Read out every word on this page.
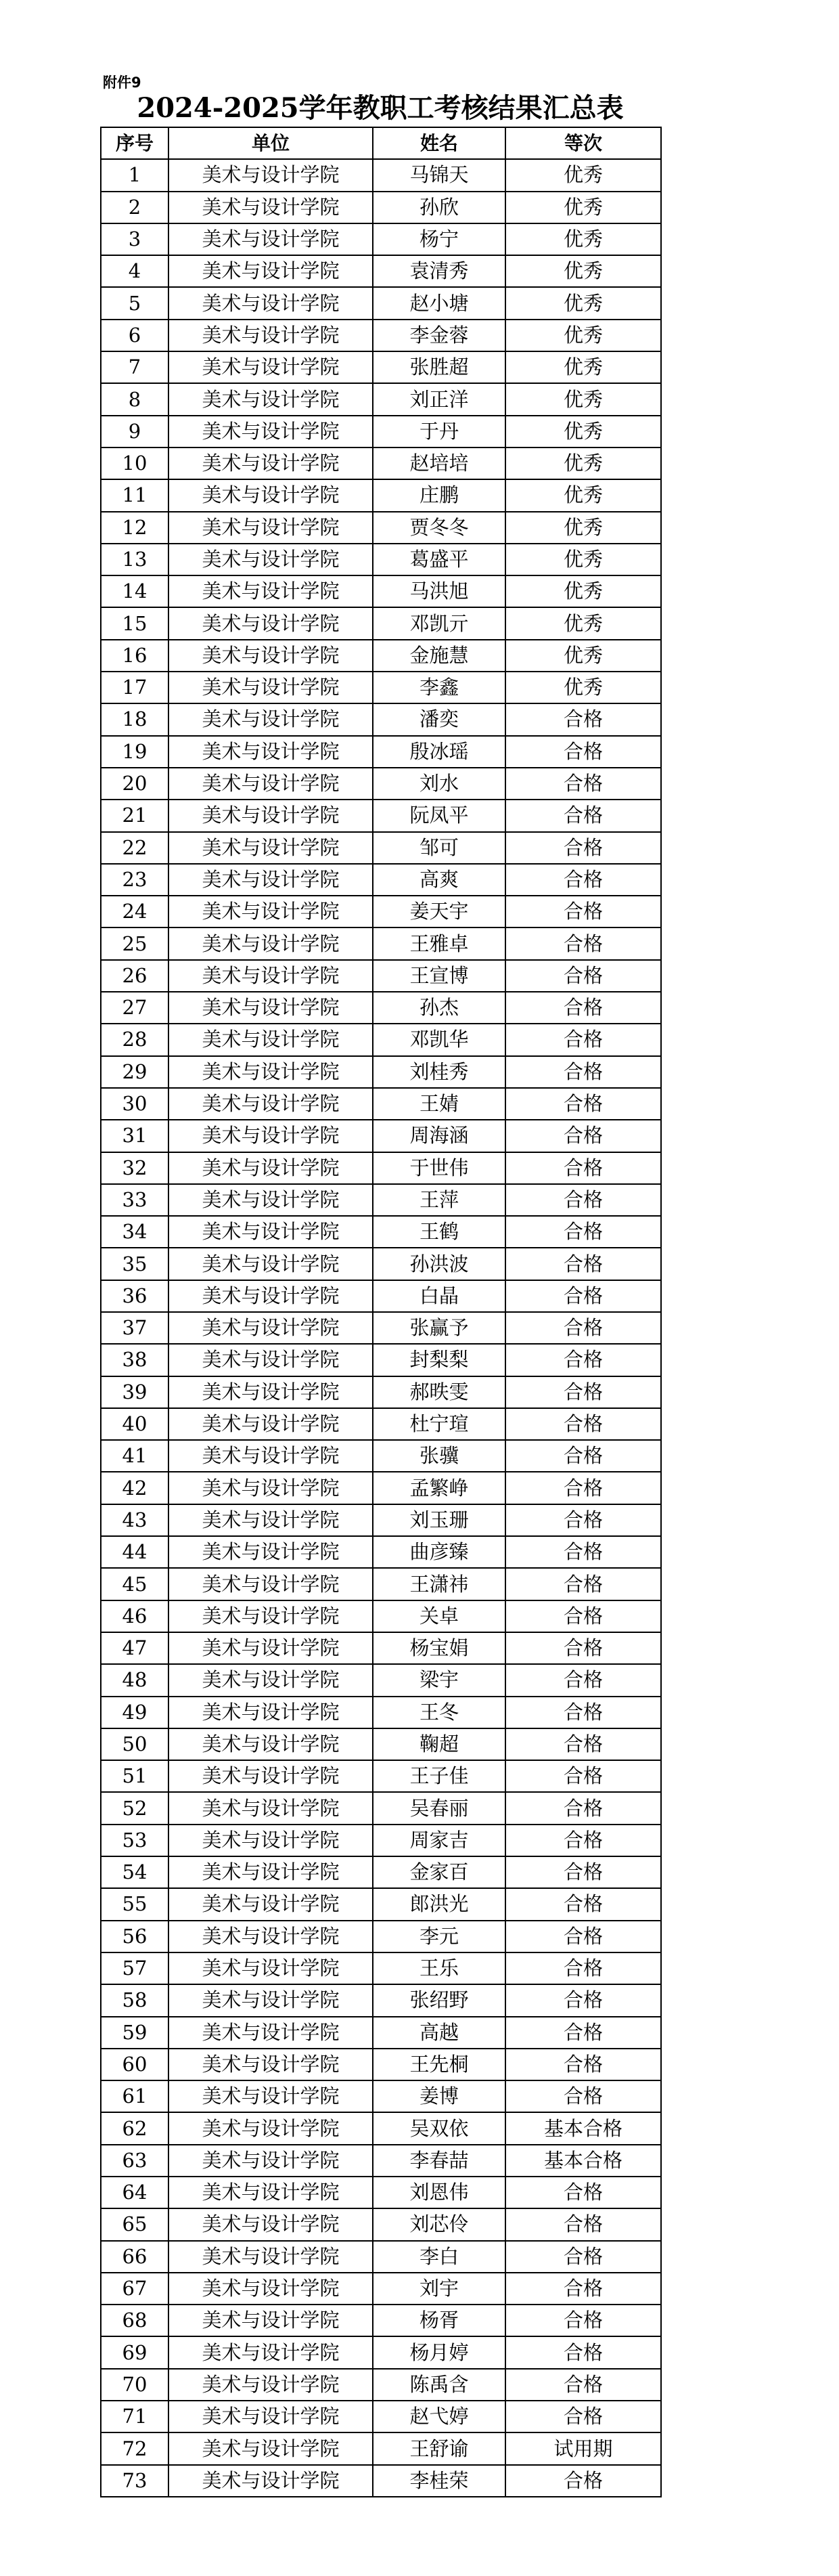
附件9
2024-2025学年教职工考核结果汇总表
序号	单位	姓名	等次
1	美术与设计学院	马锦天	优秀
2	美术与设计学院	孙欣	优秀
3	美术与设计学院	杨宁	优秀
4	美术与设计学院	袁清秀	优秀
5	美术与设计学院	赵小塘	优秀
6	美术与设计学院	李金蓉	优秀
7	美术与设计学院	张胜超	优秀
8	美术与设计学院	刘正洋	优秀
9	美术与设计学院	于丹	优秀
10	美术与设计学院	赵培培	优秀
11	美术与设计学院	庄鹏	优秀
12	美术与设计学院	贾冬冬	优秀
13	美术与设计学院	葛盛平	优秀
14	美术与设计学院	马洪旭	优秀
15	美术与设计学院	邓凯亓	优秀
16	美术与设计学院	金施慧	优秀
17	美术与设计学院	李鑫	优秀
18	美术与设计学院	潘奕	合格
19	美术与设计学院	殷冰瑶	合格
20	美术与设计学院	刘水	合格
21	美术与设计学院	阮凤平	合格
22	美术与设计学院	邹可	合格
23	美术与设计学院	高爽	合格
24	美术与设计学院	姜天宇	合格
25	美术与设计学院	王雅卓	合格
26	美术与设计学院	王宣博	合格
27	美术与设计学院	孙杰	合格
28	美术与设计学院	邓凯华	合格
29	美术与设计学院	刘桂秀	合格
30	美术与设计学院	王婧	合格
31	美术与设计学院	周海涵	合格
32	美术与设计学院	于世伟	合格
33	美术与设计学院	王萍	合格
34	美术与设计学院	王鹤	合格
35	美术与设计学院	孙洪波	合格
36	美术与设计学院	白晶	合格
37	美术与设计学院	张赢予	合格
38	美术与设计学院	封梨梨	合格
39	美术与设计学院	郝昳雯	合格
40	美术与设计学院	杜宁瑄	合格
41	美术与设计学院	张骥	合格
42	美术与设计学院	孟繁峥	合格
43	美术与设计学院	刘玉珊	合格
44	美术与设计学院	曲彦臻	合格
45	美术与设计学院	王潇祎	合格
46	美术与设计学院	关卓	合格
47	美术与设计学院	杨宝娟	合格
48	美术与设计学院	梁宇	合格
49	美术与设计学院	王冬	合格
50	美术与设计学院	鞠超	合格
51	美术与设计学院	王子佳	合格
52	美术与设计学院	吴春丽	合格
53	美术与设计学院	周家吉	合格
54	美术与设计学院	金家百	合格
55	美术与设计学院	郎洪光	合格
56	美术与设计学院	李元	合格
57	美术与设计学院	王乐	合格
58	美术与设计学院	张绍野	合格
59	美术与设计学院	高越	合格
60	美术与设计学院	王先桐	合格
61	美术与设计学院	姜博	合格
62	美术与设计学院	吴双依	基本合格
63	美术与设计学院	李春喆	基本合格
64	美术与设计学院	刘恩伟	合格
65	美术与设计学院	刘芯伶	合格
66	美术与设计学院	李白	合格
67	美术与设计学院	刘宇	合格
68	美术与设计学院	杨胥	合格
69	美术与设计学院	杨月婷	合格
70	美术与设计学院	陈禹含	合格
71	美术与设计学院	赵弋婷	合格
72	美术与设计学院	王舒谕	试用期
73	美术与设计学院	李桂荣	合格
